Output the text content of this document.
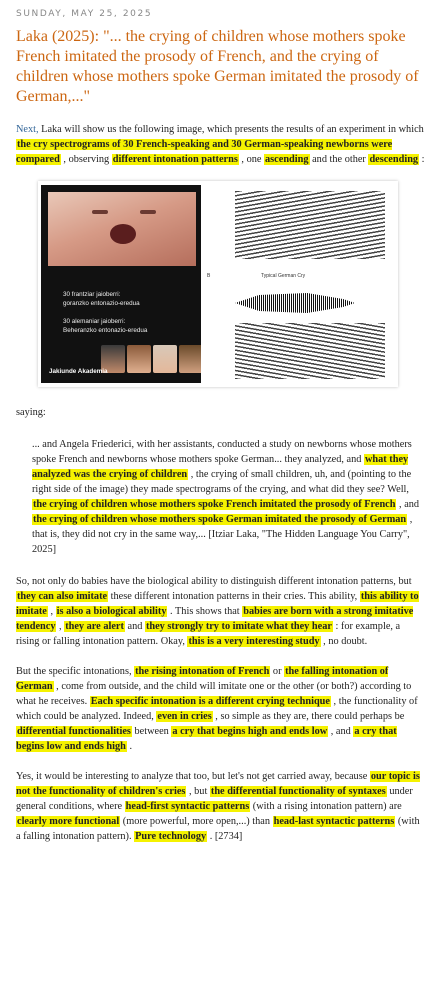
SUNDAY, MAY 25, 2025
Laka (2025): "... the crying of children whose mothers spoke French imitated the prosody of French, and the crying of children whose mothers spoke German imitated the prosody of German,..."

Next, Laka will show us the following image, which presents the results of an experiment in which the cry spectrograms of 30 French-speaking and 30 German-speaking newborns were compared , observing different intonation patterns , one ascending and the other descending :

30 frantziar jaioberri:
goranzko entonazio-eredua
30 alemaniar jaioberri:
Beheranzko entonazio-eredua
Jakiunde Akademia
B	Typical German Cry

saying:

... and Angela Friederici, with her assistants, conducted a study on newborns whose mothers spoke French and newborns whose mothers spoke German... they analyzed, and what they analyzed was the crying of children , the crying of small children, uh, and (pointing to the right side of the image) they made spectrograms of the crying, and what did they see? Well, the crying of children whose mothers spoke French imitated the prosody of French , and the crying of children whose mothers spoke German imitated the prosody of German , that is, they did not cry in the same way,... [Itziar Laka, "The Hidden Language You Carry", 2025]

So, not only do babies have the biological ability to distinguish different intonation patterns, but they can also imitate these different intonation patterns in their cries. This ability, this ability to imitate , is also a biological ability . This shows that babies are born with a strong imitative tendency , they are alert and they strongly try to imitate what they hear : for example, a rising or falling intonation pattern. Okay, this is a very interesting study , no doubt.

But the specific intonations, the rising intonation of French or the falling intonation of German , come from outside, and the child will imitate one or the other (or both?) according to what he receives. Each specific intonation is a different crying technique , the functionality of which could be analyzed. Indeed, even in cries , so simple as they are, there could perhaps be differential functionalities between a cry that begins high and ends low , and a cry that begins low and ends high .

Yes, it would be interesting to analyze that too, but let's not get carried away, because our topic is not the functionality of children's cries , but the differential functionality of syntaxes under general conditions, where head-first syntactic patterns (with a rising intonation pattern) are clearly more functional (more powerful, more open,...) than head-last syntactic patterns (with a falling intonation pattern). Pure technology . [2734]
